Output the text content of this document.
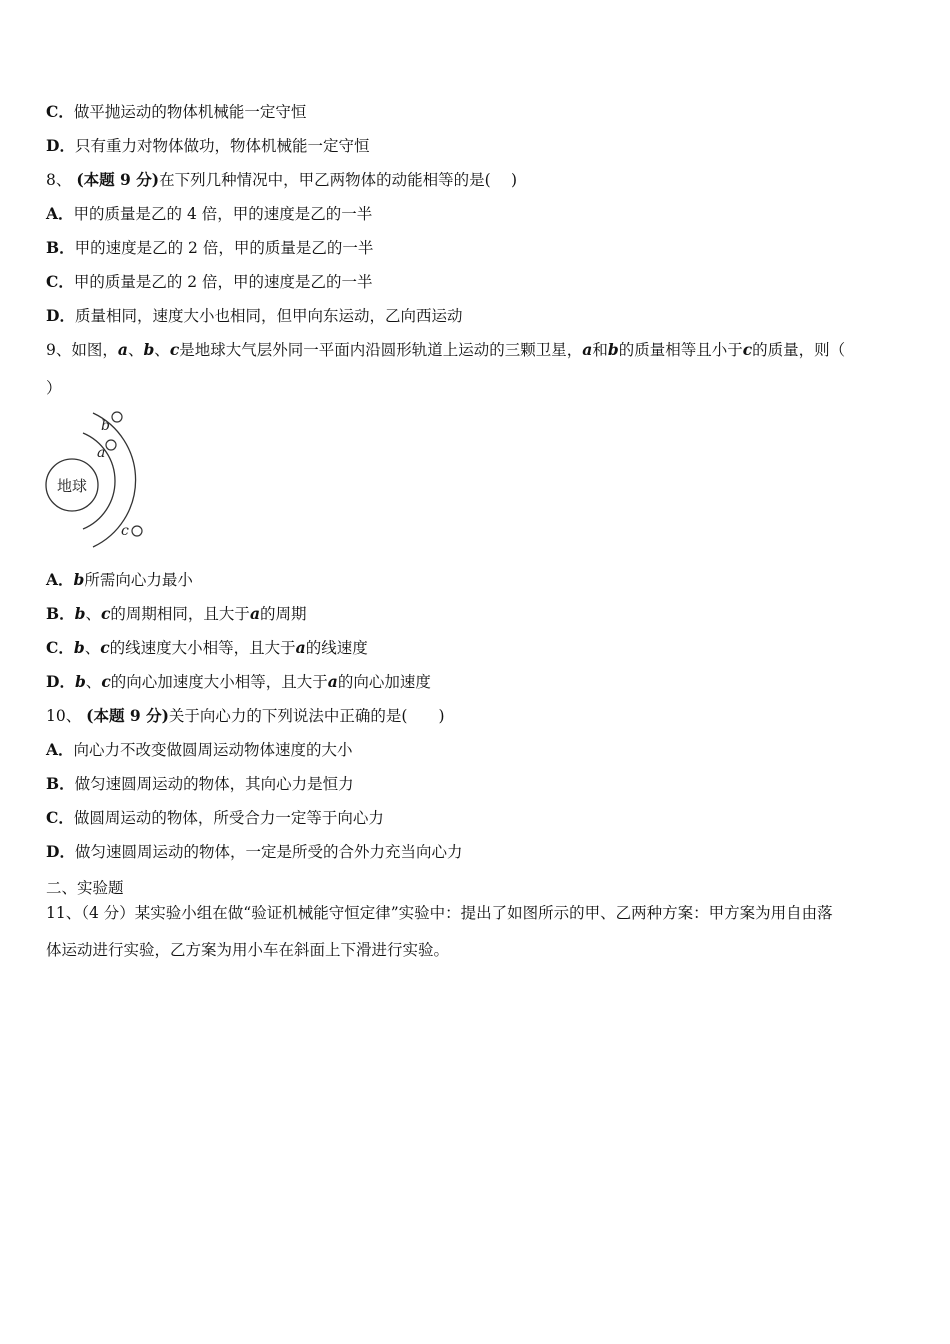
C．做平抛运动的物体机械能一定守恒
D．只有重力对物体做功，物体机械能一定守恒
8、 (本题 9 分)在下列几种情况中，甲乙两物体的动能相等的是(　 )
A．甲的质量是乙的 4 倍，甲的速度是乙的一半
B．甲的速度是乙的 2 倍，甲的质量是乙的一半
C．甲的质量是乙的 2 倍，甲的速度是乙的一半
D．质量相同，速度大小也相同，但甲向东运动，乙向西运动
9、如图，a、b、c是地球大气层外同一平面内沿圆形轨道上运动的三颗卫星，a和b的质量相等且小于c的质量，则（
）
地球
b
a
c
A．b所需向心力最小
B．b、c的周期相同，且大于a的周期
C．b、c的线速度大小相等，且大于a的线速度
D．b、c的向心加速度大小相等，且大于a的向心加速度
10、 (本题 9 分)关于向心力的下列说法中正确的是(　　)
A．向心力不改变做圆周运动物体速度的大小
B．做匀速圆周运动的物体，其向心力是恒力
C．做圆周运动的物体，所受合力一定等于向心力
D．做匀速圆周运动的物体，一定是所受的合外力充当向心力
二、实验题
11、（4 分）某实验小组在做“验证机械能守恒定律”实验中：提出了如图所示的甲、乙两种方案：甲方案为用自由落
体运动进行实验，乙方案为用小车在斜面上下滑进行实验。
